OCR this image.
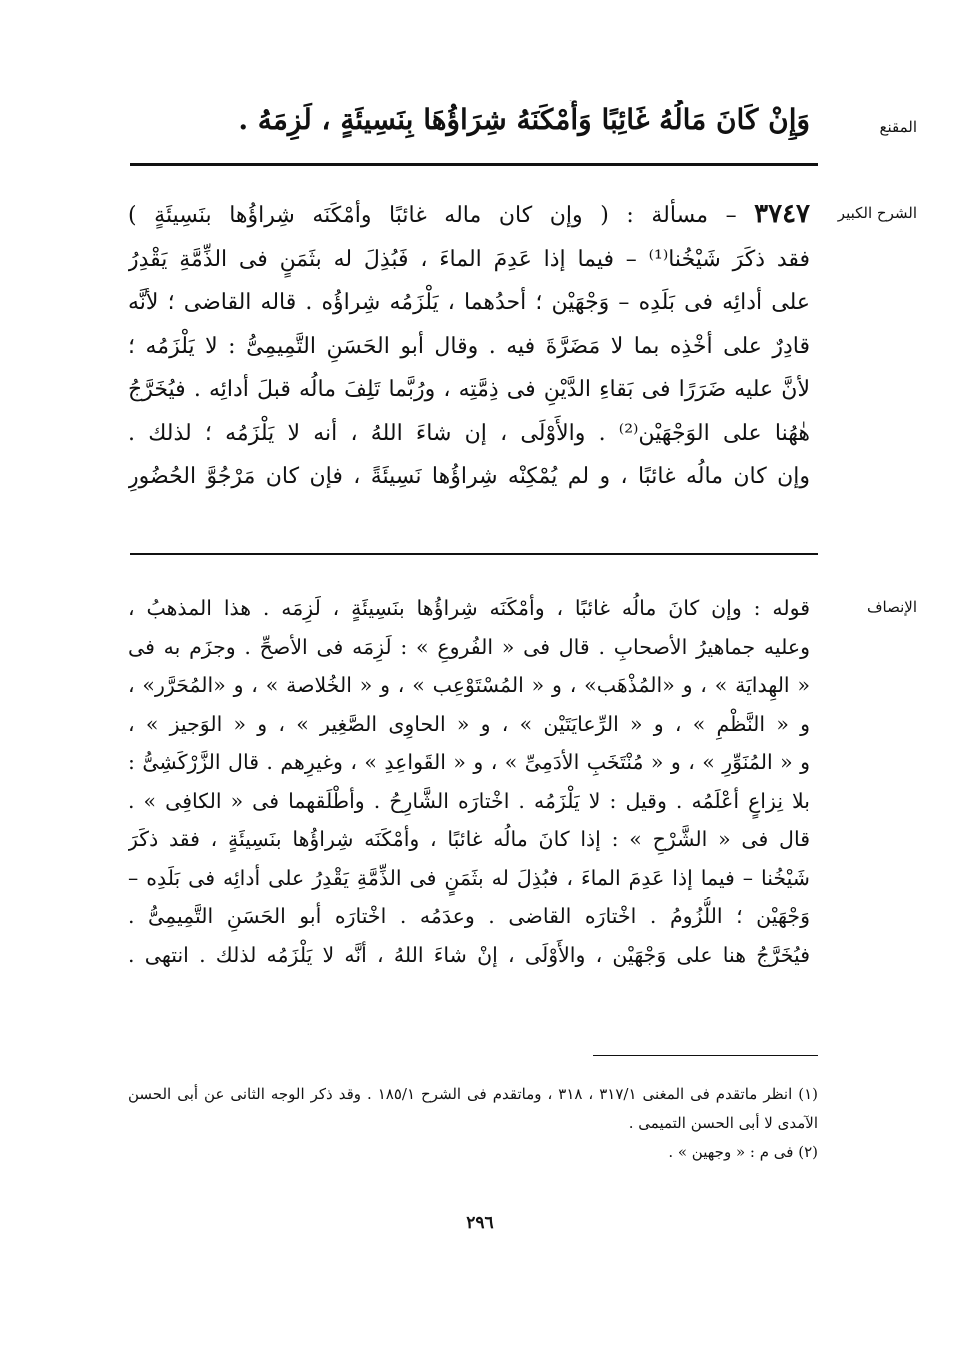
المقنع
وَإِنْ كَانَ مَالُهُ غَائِبًا وَأَمْكَنَهُ شِرَاؤُهَا بِنَسِيئَةٍ ، لَزِمَهُ .
الشرح الكبير
٣٧٤٧ – مسألة : ( وإن كان ماله غائبًا وأمْكَنَه شِراؤُها بنَسِيئَةٍ )
فقد ذكَرَ شَيْخُنا⁽¹⁾ – فيما إذا عَدِمَ الماءَ ، فَبُذِلَ له بثَمَنٍ فى الذِّمَّةِ يَقْدِرُ
على أدائِه فى بَلَدِه – وَجْهَيْن ؛ أحدُهما ، يَلْزَمُه شِراؤُه . قاله القاضى ؛ لأنَّه
قادِرٌ على أخْذِه بما لا مَضَرَّةَ فيه . وقال أبو الحَسَنِ التَّمِيمِىُّ : لا يَلْزَمُه ؛
لأنَّ عليه ضَرَرًا فى بَقاءِ الدَّيْنِ فى ذِمَّتِه ، ورُبَّما تَلِفَ مالُه قبلَ أدائِه . فيُخَرَّجُ
هٰهُنا على الوَجْهَيْن⁽²⁾ . والأَوْلَى ، إن شاءَ اللهُ ، أنه لا يَلْزَمُه ؛ لذلك .
وإن كان مالُه غائبًا ، و لم يُمْكِنْه شِراؤُها نَسِيئَةً ، فإن كان مَرْجُوَّ الحُضُورِ
الإنصاف
قوله : وإن كانَ مالُه غائبًا ، وأمْكَنَه شِراؤُها بنَسِيئَةٍ ، لَزِمَه . هذا المذهبُ ،
وعليه جماهيرُ الأصحابِ . قال فى « الفُروعِ » : لَزِمَه فى الأصحِّ . وجزَم به فى
« الهِدايَة » ، و «المُذْهَب» ، و « المُسْتَوْعِب » ، و « الخُلاصة » ، و «المُحَرَّر» ،
و « النَّظْمِ » ، و « الرِّعايَتَيْن » ، و « الحاوِى الصَّغِير » ، و « الوَجيز » ،
و « المُنَوِّرِ » ، و « مُنْتَخَبِ الأدَمِىِّ » ، و « القَواعِدِ » ، وغيرِهم . قال الزَّرْكَشِىُّ :
بلا نِزاعٍ أعْلَمُه . وقيل : لا يَلْزَمُه . اخْتارَه الشَّارِحُ . وأطْلَقهما فى « الكافِى » .
قال فى « الشَّرْحِ » : إذا كانَ مالُه غائبًا ، وأمْكَنَه شِراؤُها بنَسِيئَةٍ ، فقد ذكَرَ
شَيْخُنا – فيما إذا عَدِمَ الماءَ ، فبُذِلَ له بثَمَنٍ فى الذِّمَّةِ يَقْدِرُ على أدائِه فى بَلَدِه –
وَجْهَيْن ؛ اللُّزُومُ . اخْتارَه القاضى . وعدَمُه . اخْتارَه أبو الحَسَنِ التَّمِيمِىُّ .
فيُخَرَّجُ هنا على وَجْهَيْن ، والأَوْلَى ، إنْ شاءَ اللهُ ، أنَّه لا يَلْزَمُه لذلك . انتهى .
(١) انظر ماتقدم فى المغنى ٣١٧/١ ، ٣١٨ ، وماتقدم فى الشرح ١٨٥/١ . وقد ذكر الوجه الثانى عن أبى الحسن
الآمدى لا أبى الحسن التميمى .
(٢) فى م : « وجهين » .
٢٩٦
